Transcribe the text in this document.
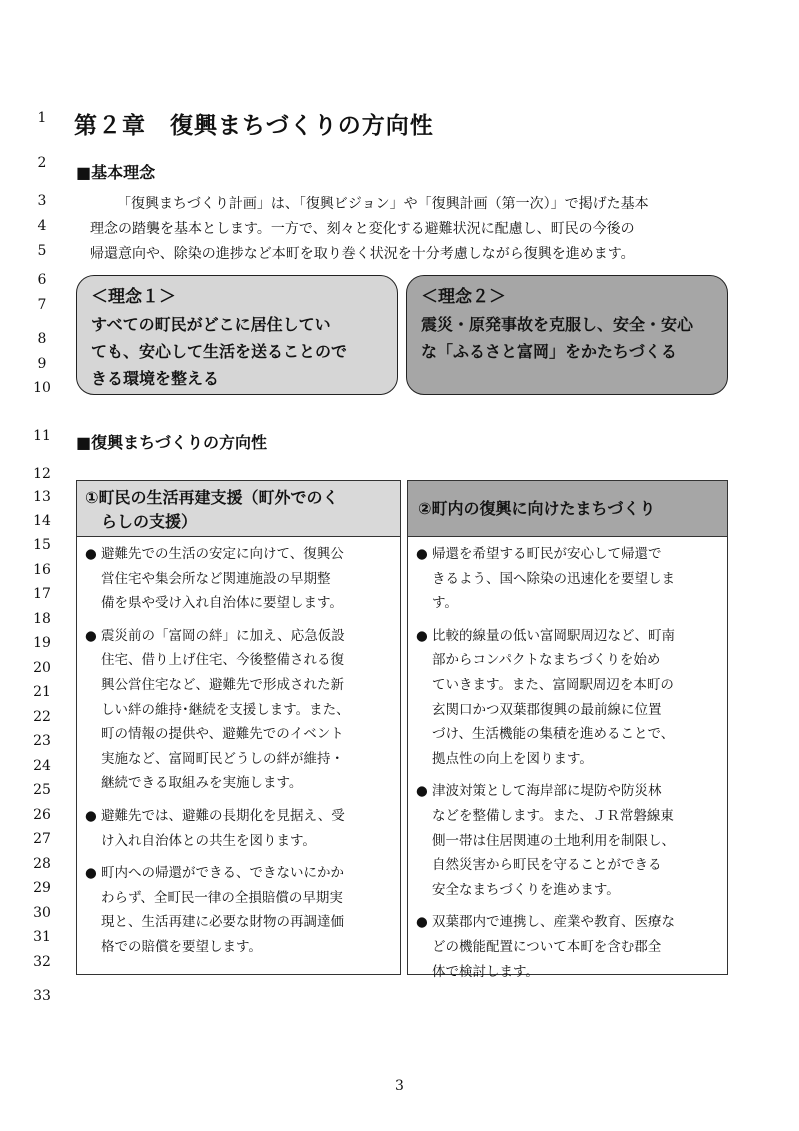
1
2
3
4
5
6
7
8
9
10
11
12
13
14
15
16
17
18
19
20
21
22
23
24
25
26
27
28
29
30
31
32
33
第２章 復興まちづくりの方向性
■基本理念
「復興まちづくり計画」は、「復興ビジョン」や「復興計画（第一次）」で掲げた基本
理念の踏襲を基本とします。一方で、刻々と変化する避難状況に配慮し、町民の今後の
帰還意向や、除染の進捗など本町を取り巻く状況を十分考慮しながら復興を進めます。
＜理念１＞
すべての町民がどこに居住してい
ても、安心して生活を送ることので
きる環境を整える
＜理念２＞
震災・原発事故を克服し、安全・安心
な「ふるさと富岡」をかたちづくる
■復興まちづくりの方向性
①町民の生活再建支援（町外でのく
　らしの支援）
● 避難先での生活の安定に向けて、復興公
営住宅や集会所など関連施設の早期整
備を県や受け入れ自治体に要望します。
● 震災前の「富岡の絆」に加え、応急仮設
住宅、借り上げ住宅、今後整備される復
興公営住宅など、避難先で形成された新
しい絆の維持･継続を支援します。また、
町の情報の提供や、避難先でのイベント
実施など、富岡町民どうしの絆が維持・
継続できる取組みを実施します。
● 避難先では、避難の長期化を見据え、受
け入れ自治体との共生を図ります。
● 町内への帰還ができる、できないにかか
わらず、全町民一律の全損賠償の早期実
現と、生活再建に必要な財物の再調達価
格での賠償を要望します。
②町内の復興に向けたまちづくり
● 帰還を希望する町民が安心して帰還で
きるよう、国へ除染の迅速化を要望しま
す。
● 比較的線量の低い富岡駅周辺など、町南
部からコンパクトなまちづくりを始め
ていきます。また、富岡駅周辺を本町の
玄関口かつ双葉郡復興の最前線に位置
づけ、生活機能の集積を進めることで、
拠点性の向上を図ります。
● 津波対策として海岸部に堤防や防災林
などを整備します。また、ＪＲ常磐線東
側一帯は住居関連の土地利用を制限し、
自然災害から町民を守ることができる
安全なまちづくりを進めます。
● 双葉郡内で連携し、産業や教育、医療な
どの機能配置について本町を含む郡全
体で検討します。
3
